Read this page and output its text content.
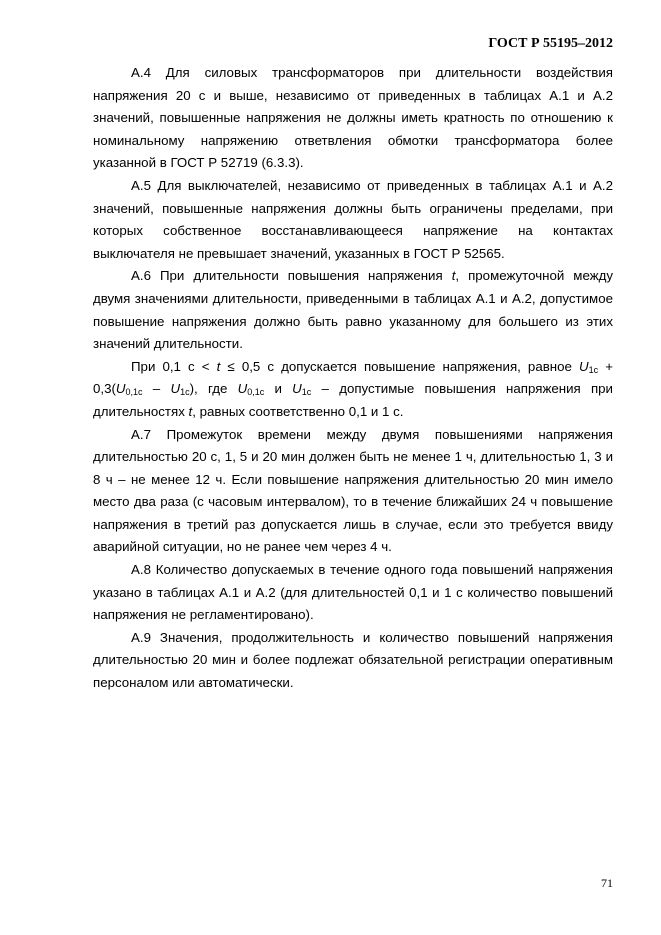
ГОСТ Р 55195–2012

А.4 Для силовых трансформаторов при длительности воздействия напряжения 20 с и выше, независимо от приведенных в таблицах А.1 и А.2 значений, повышенные напряжения не должны иметь кратность по отношению к номинальному напряжению ответвления обмотки трансформатора более указанной в ГОСТ Р 52719 (6.3.3).

А.5 Для выключателей, независимо от приведенных в таблицах А.1 и А.2 значений, повышенные напряжения должны быть ограничены пределами, при которых собственное восстанавливающееся напряжение на контактах выключателя не превышает значений, указанных в ГОСТ Р 52565.

А.6 При длительности повышения напряжения t, промежуточной между двумя значениями длительности, приведенными в таблицах А.1 и А.2, допустимое повышение напряжения должно быть равно указанному для большего из этих значений длительности.

При 0,1 с < t ≤ 0,5 с допускается повышение напряжения, равное $U_{1с} + 0,3(U_{0,1с} - U_{1с})$, где $U_{0,1с}$ и $U_{1с}$ – допустимые повышения напряжения при длительностях t, равных соответственно 0,1 и 1 с.

А.7 Промежуток времени между двумя повышениями напряжения длительностью 20 с, 1, 5 и 20 мин должен быть не менее 1 ч, длительностью 1, 3 и 8 ч – не менее 12 ч. Если повышение напряжения длительностью 20 мин имело место два раза (с часовым интервалом), то в течение ближайших 24 ч повышение напряжения в третий раз допускается лишь в случае, если это требуется ввиду аварийной ситуации, но не ранее чем через 4 ч.

А.8 Количество допускаемых в течение одного года повышений напряжения указано в таблицах А.1 и А.2 (для длительностей 0,1 и 1 с количество повышений напряжения не регламентировано).

А.9 Значения, продолжительность и количество повышений напряжения длительностью 20 мин и более подлежат обязательной регистрации оперативным персоналом или автоматически.

71
